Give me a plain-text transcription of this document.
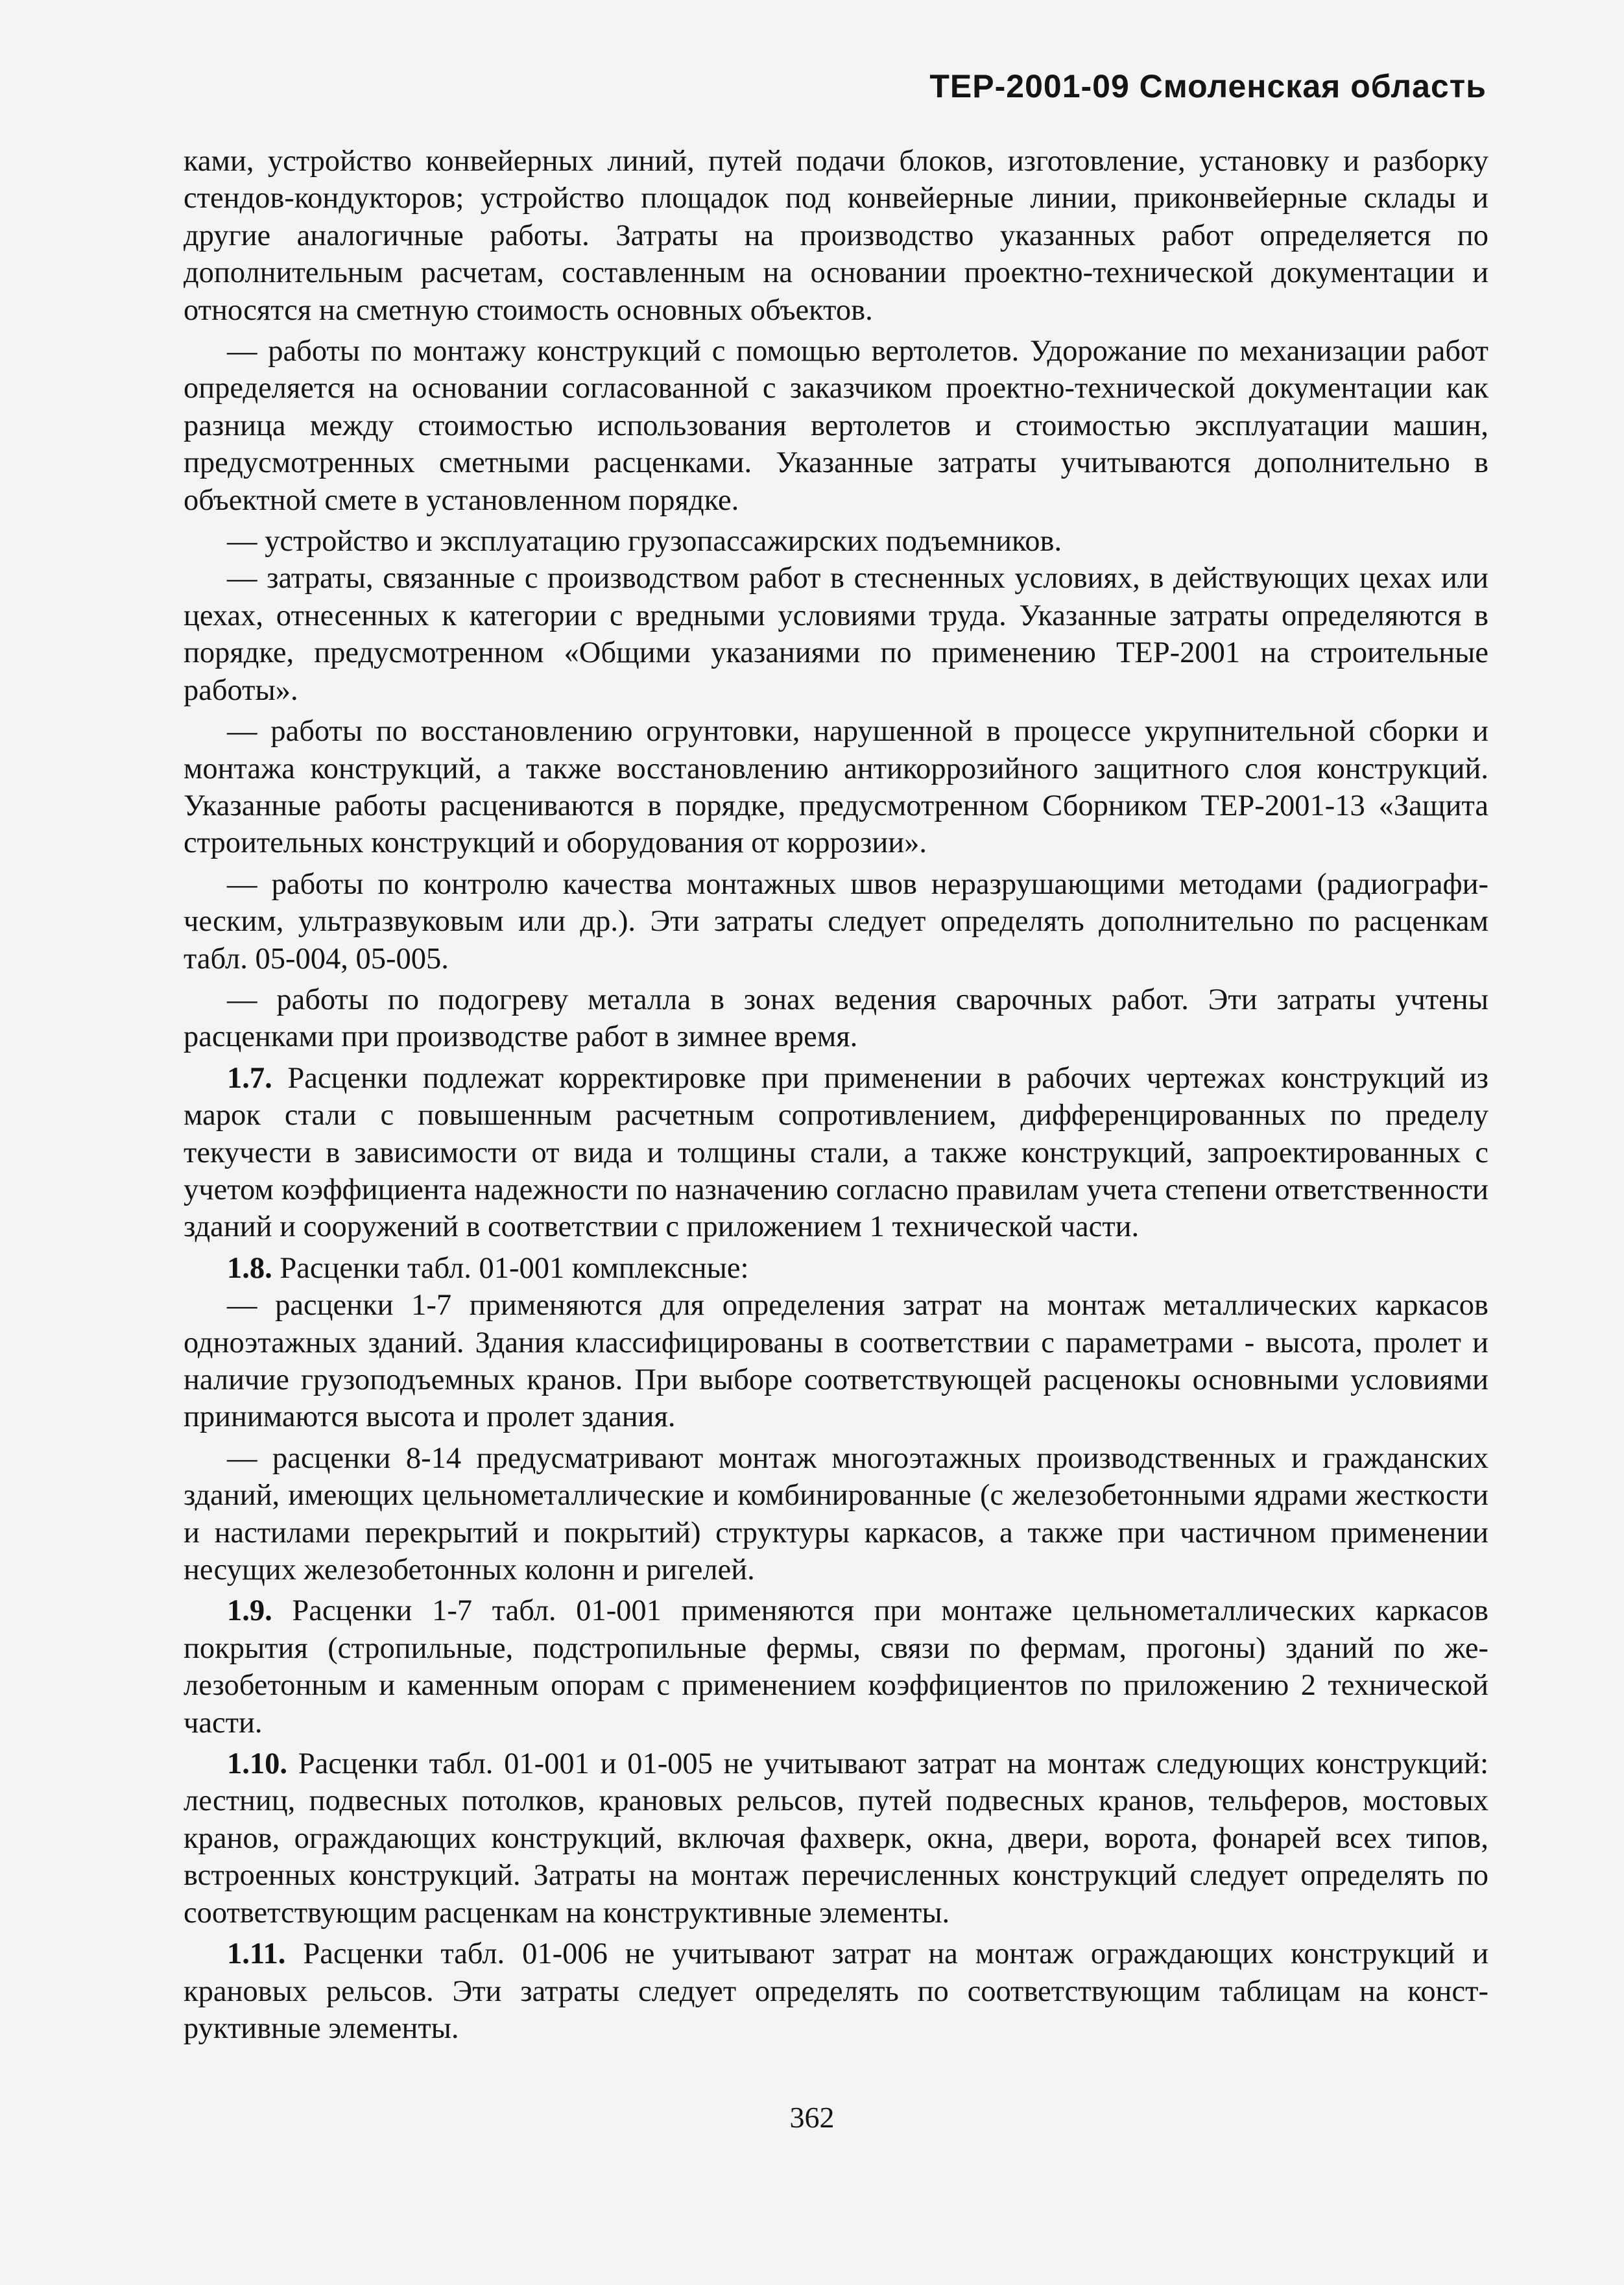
ТЕР-2001-09 Смоленская область

ками, устройство конвейерных линий, путей подачи блоков, изготовление, установку и разборку стендов-кондукторов; устройство площадок под конвейерные линии, приконвейерные склады и другие аналогичные работы. Затраты на производство указанных работ определяется по дополнительным расчетам, составленным на основании проектно-технической документации и относятся на сметную стоимость основных объектов.

— работы по монтажу конструкций с помощью вертолетов. Удорожание по механизации работ определяется на основании согласованной с заказчиком проектно-технической документации как разница между стоимостью использования вертолетов и стоимостью эксплуатации машин, предусмотренных сметными расценками. Указанные затраты учитываются дополнительно в объектной смете в установленном порядке.

— устройство и эксплуатацию грузопассажирских подъемников.

— затраты, связанные с производством работ в стесненных условиях, в действующих цехах или цехах, отнесенных к категории с вредными условиями труда. Указанные затраты определяются в порядке, предусмотренном «Общими указаниями по применению ТЕР-2001 на строительные работы».

— работы по восстановлению огрунтовки, нарушенной в процессе укрупнительной сборки и монтажа конструкций, а также восстановлению антикоррозийного защитного слоя конструкций. Указанные работы расцениваются в порядке, предусмотренном Сборником ТЕР-2001-13 «Защита строительных конструкций и оборудования от коррозии».

— работы по контролю качества монтажных швов неразрушающими методами (радиографическим, ультразвуковым или др.). Эти затраты следует определять дополнительно по расценкам табл. 05-004, 05-005.

— работы по подогреву металла в зонах ведения сварочных работ. Эти затраты учтены расценками при производстве работ в зимнее время.

1.7. Расценки подлежат корректировке при применении в рабочих чертежах конструкций из марок стали с повышенным расчетным сопротивлением, дифференцированных по пределу текучести в зависимости от вида и толщины стали, а также конструкций, запроектированных с учетом коэффициента надежности по назначению согласно правилам учета степени ответственности зданий и сооружений в соответствии с приложением 1 технической части.

1.8. Расценки табл. 01-001 комплексные:

— расценки 1-7 применяются для определения затрат на монтаж металлических каркасов одноэтажных зданий. Здания классифицированы в соответствии с параметрами - высота, пролет и наличие грузоподъемных кранов. При выборе соответствующей расценокы основными условиями принимаются высота и пролет здания.

— расценки 8-14 предусматривают монтаж многоэтажных производственных и гражданских зданий, имеющих цельнометаллические и комбинированные (с железобетонными ядрами жесткости и настилами перекрытий и покрытий) структуры каркасов, а также при частичном применении несущих железобетонных колонн и ригелей.

1.9. Расценки 1-7 табл. 01-001 применяются при монтаже цельнометаллических каркасов покрытия (стропильные, подстропильные фермы, связи по фермам, прогоны) зданий по железобетонным и каменным опорам с применением коэффициентов по приложению 2 технической части.

1.10. Расценки табл. 01-001 и 01-005 не учитывают затрат на монтаж следующих конструкций: лестниц, подвесных потолков, крановых рельсов, путей подвесных кранов, тельферов, мостовых кранов, ограждающих конструкций, включая фахверк, окна, двери, ворота, фонарей всех типов, встроенных конструкций. Затраты на монтаж перечисленных конструкций следует определять по соответствующим расценкам на конструктивные элементы.

1.11. Расценки табл. 01-006 не учитывают затрат на монтаж ограждающих конструкций и крановых рельсов. Эти затраты следует определять по соответствующим таблицам на конструктивные элементы.

362
